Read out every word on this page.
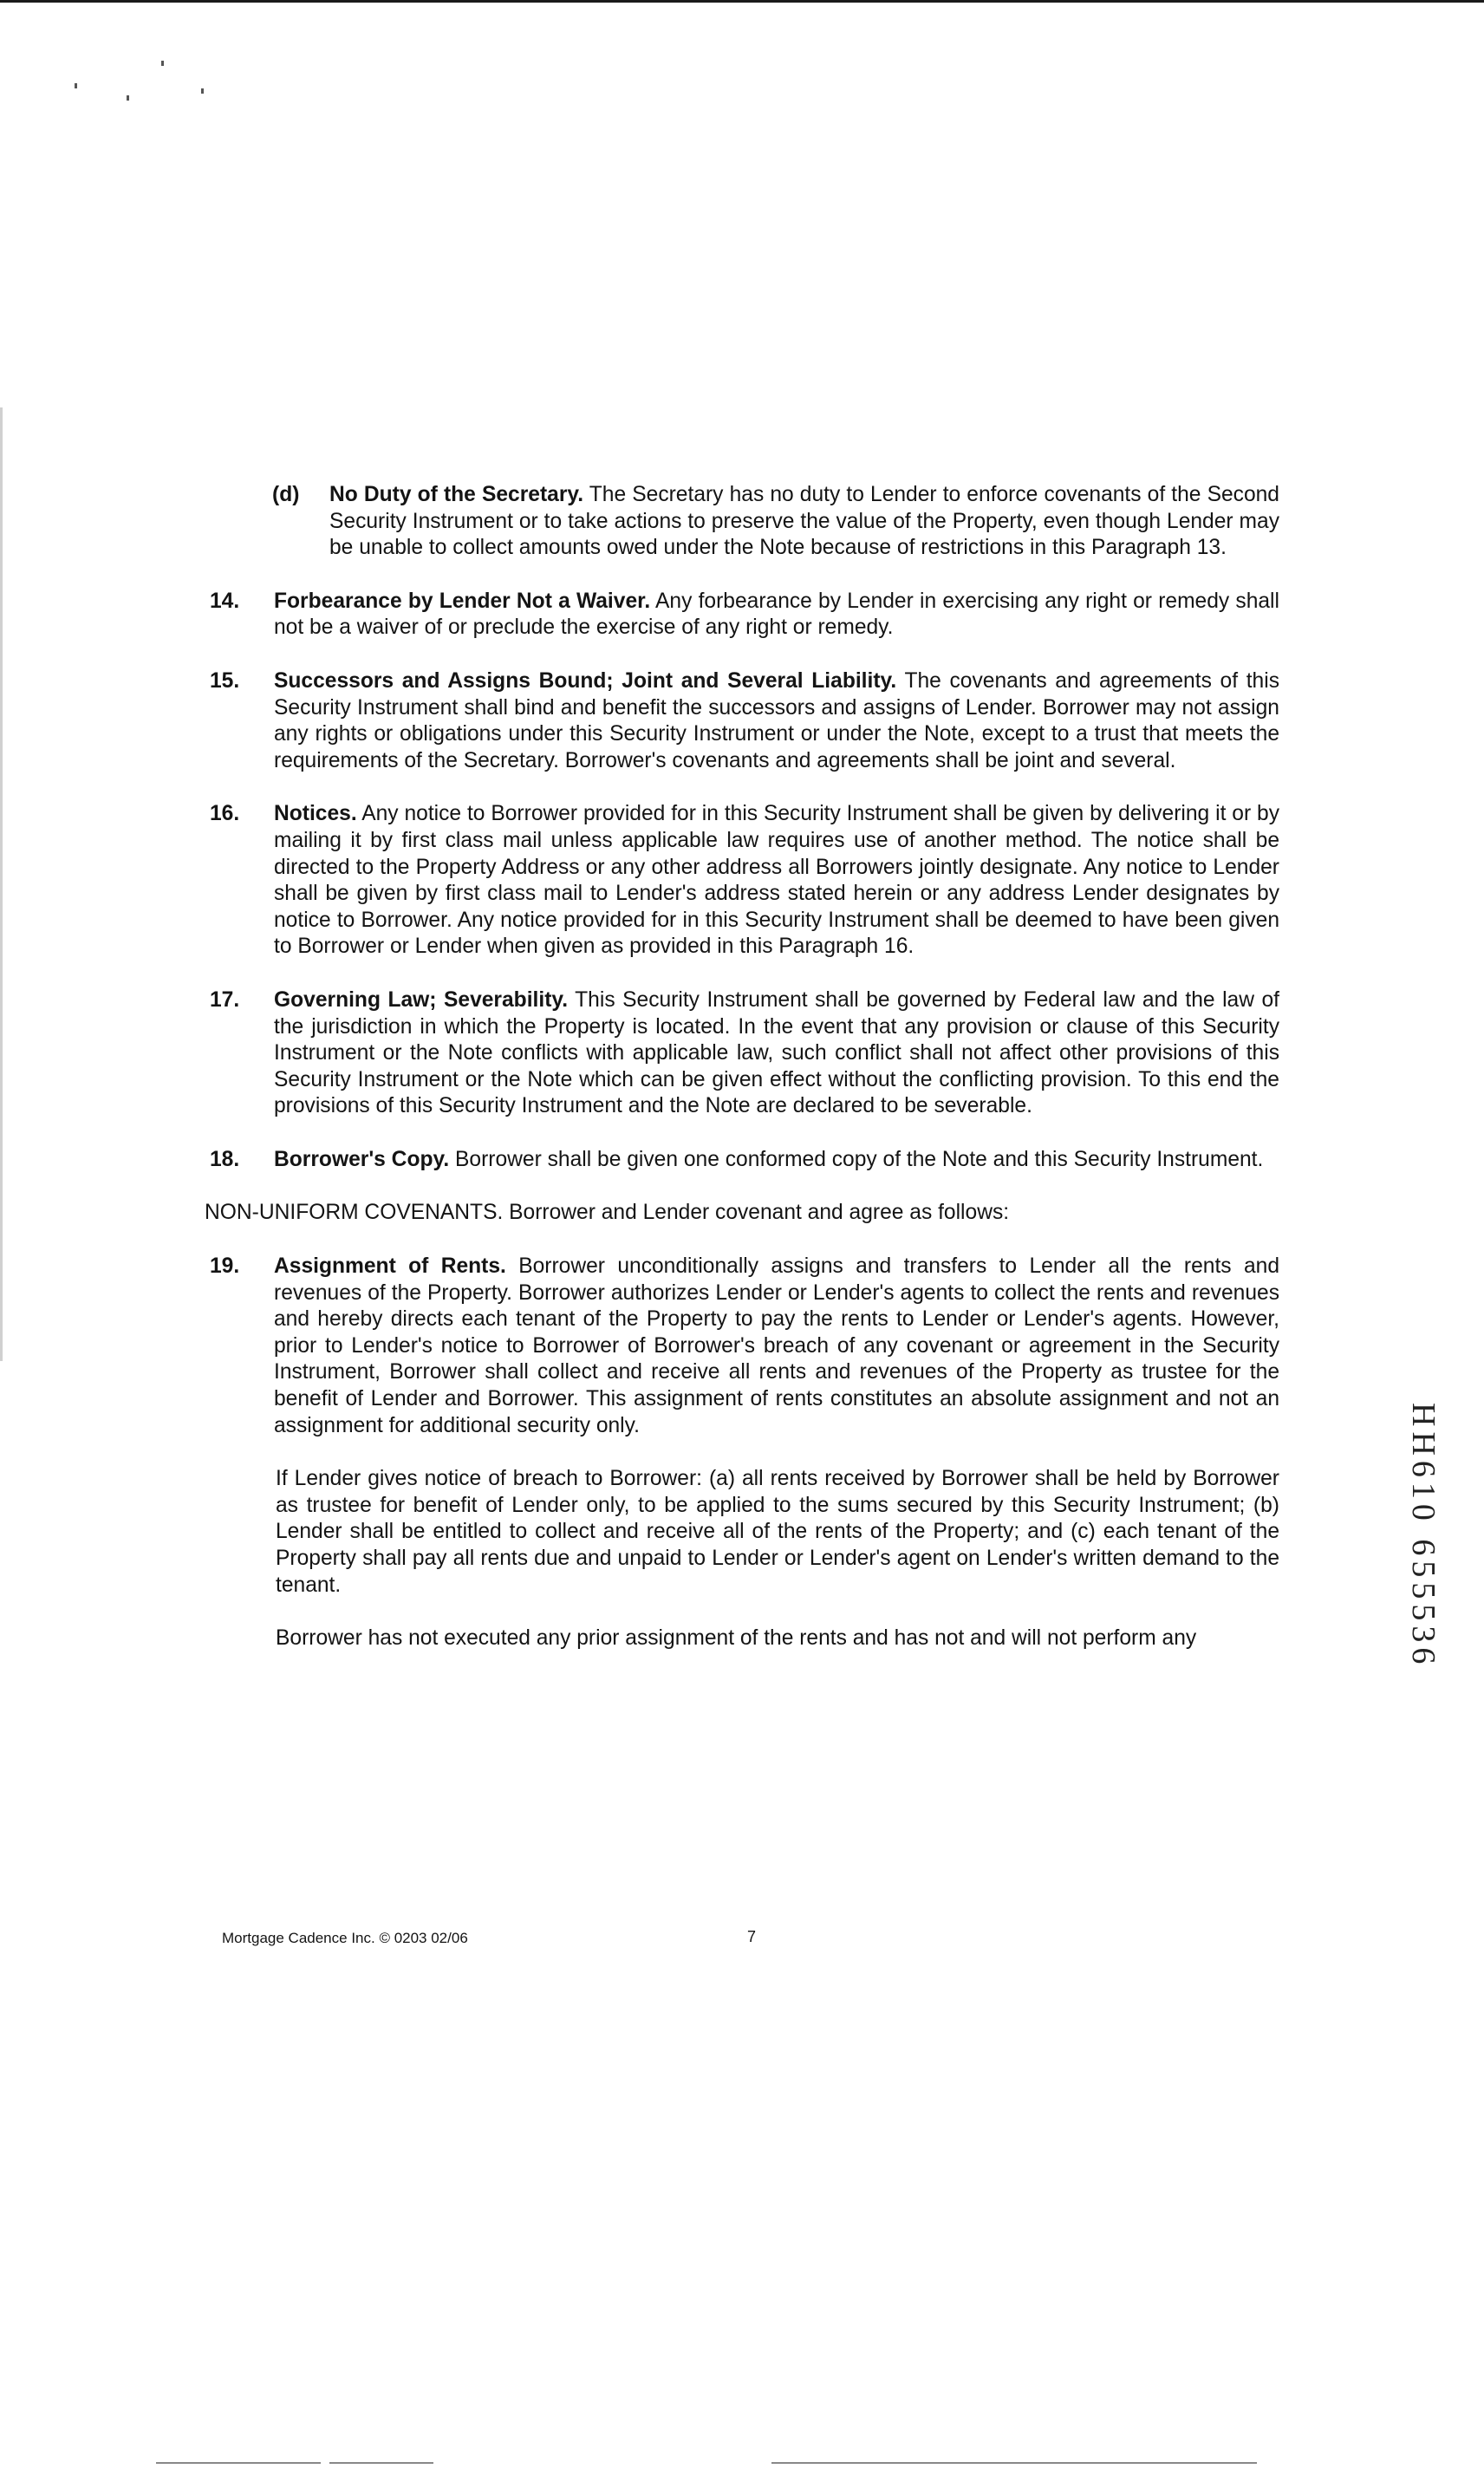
(d) No Duty of the Secretary. The Secretary has no duty to Lender to enforce covenants of the Second Security Instrument or to take actions to preserve the value of the Property, even though Lender may be unable to collect amounts owed under the Note because of restrictions in this Paragraph 13.

14. Forbearance by Lender Not a Waiver. Any forbearance by Lender in exercising any right or remedy shall not be a waiver of or preclude the exercise of any right or remedy.

15. Successors and Assigns Bound; Joint and Several Liability. The covenants and agreements of this Security Instrument shall bind and benefit the successors and assigns of Lender. Borrower may not assign any rights or obligations under this Security Instrument or under the Note, except to a trust that meets the requirements of the Secretary. Borrower's covenants and agreements shall be joint and several.

16. Notices. Any notice to Borrower provided for in this Security Instrument shall be given by delivering it or by mailing it by first class mail unless applicable law requires use of another method. The notice shall be directed to the Property Address or any other address all Borrowers jointly designate. Any notice to Lender shall be given by first class mail to Lender's address stated herein or any address Lender designates by notice to Borrower. Any notice provided for in this Security Instrument shall be deemed to have been given to Borrower or Lender when given as provided in this Paragraph 16.

17. Governing Law; Severability. This Security Instrument shall be governed by Federal law and the law of the jurisdiction in which the Property is located. In the event that any provision or clause of this Security Instrument or the Note conflicts with applicable law, such conflict shall not affect other provisions of this Security Instrument or the Note which can be given effect without the conflicting provision. To this end the provisions of this Security Instrument and the Note are declared to be severable.

18. Borrower's Copy. Borrower shall be given one conformed copy of the Note and this Security Instrument.

NON-UNIFORM COVENANTS. Borrower and Lender covenant and agree as follows:

19. Assignment of Rents. Borrower unconditionally assigns and transfers to Lender all the rents and revenues of the Property. Borrower authorizes Lender or Lender's agents to collect the rents and revenues and hereby directs each tenant of the Property to pay the rents to Lender or Lender's agents. However, prior to Lender's notice to Borrower of Borrower's breach of any covenant or agreement in the Security Instrument, Borrower shall collect and receive all rents and revenues of the Property as trustee for the benefit of Lender and Borrower. This assignment of rents constitutes an absolute assignment and not an assignment for additional security only.

If Lender gives notice of breach to Borrower: (a) all rents received by Borrower shall be held by Borrower as trustee for benefit of Lender only, to be applied to the sums secured by this Security Instrument; (b) Lender shall be entitled to collect and receive all of the rents of the Property; and (c) each tenant of the Property shall pay all rents due and unpaid to Lender or Lender's agent on Lender's written demand to the tenant.

Borrower has not executed any prior assignment of the rents and has not and will not perform any

Mortgage Cadence Inc. © 0203 02/06	7
HH610 655536
